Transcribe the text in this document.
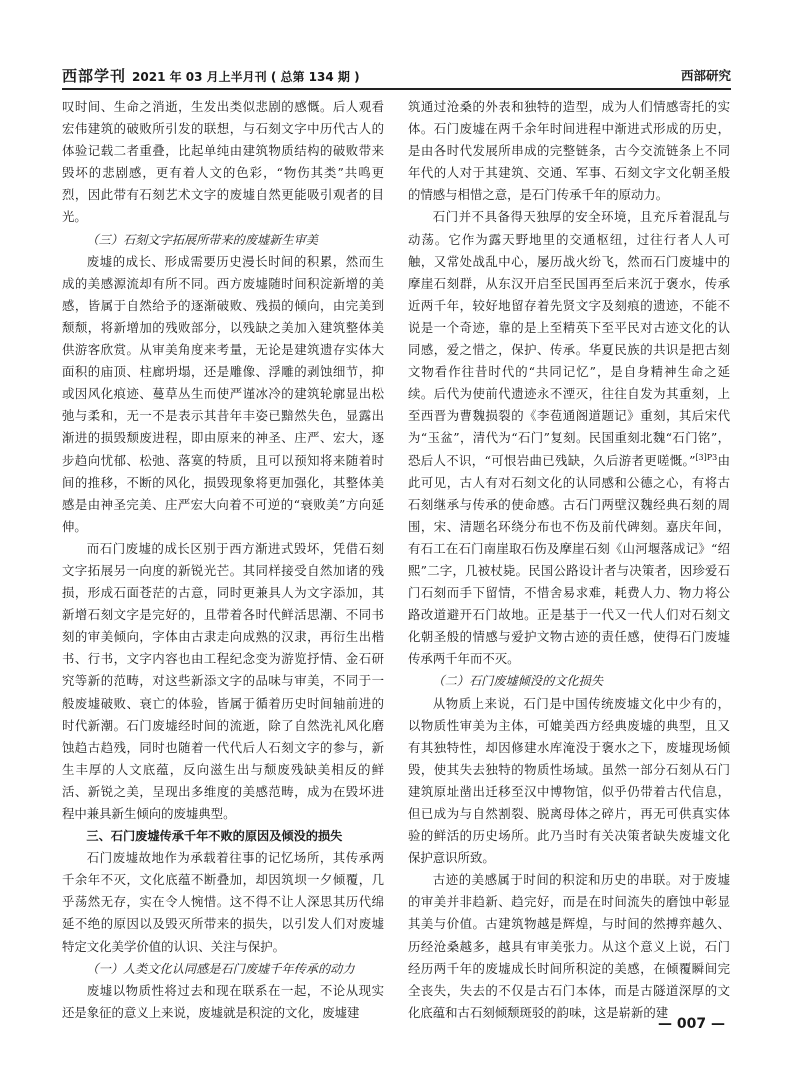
西部学刊 2021 年 03 月上半月刊 ( 总第 134 期 )	西部研究

叹时间、生命之消逝，生发出类似悲剧的感慨。后人观看宏伟建筑的破败所引发的联想，与石刻文字中历代古人的体验记载二者重叠，比起单纯由建筑物质结构的破败带来毁坏的悲剧感，更有着人文的色彩，“物伤其类”共鸣更烈，因此带有石刻艺术文字的废墟自然更能吸引观者的目光。

（三）石刻文字拓展所带来的废墟新生审美

废墟的成长、形成需要历史漫长时间的积累，然而生成的美感源流却有所不同。西方废墟随时间积淀新增的美感，皆属于自然给予的逐渐破败、残损的倾向，由完美到颓颓，将新增加的残败部分，以残缺之美加入建筑整体美供游客欣赏。从审美角度来考量，无论是建筑遗存实体大面积的庙顶、柱廊坍塌，还是雕像、浮雕的剥蚀细节，抑或因风化痕迹、蔓草丛生而使严谨冰冷的建筑轮廓显出松弛与柔和，无一不是表示其昔年丰姿已黯然失色，显露出渐进的损毁颓废进程，即由原来的神圣、庄严、宏大，逐步趋向忧郁、松弛、落寞的特质，且可以预知将来随着时间的推移，不断的风化，损毁现象将更加强化，其整体美感是由神圣完美、庄严宏大向着不可逆的“衰败美”方向延伸。

而石门废墟的成长区别于西方渐进式毁坏，凭借石刻文字拓展另一向度的新锐光芒。其同样接受自然加诸的残损，形成石面苍茫的古意，同时更兼具人为文字添加，其新增石刻文字是完好的，且带着各时代鲜活思潮、不同书刻的审美倾向，字体由古隶走向成熟的汉隶，再衍生出楷书、行书，文字内容也由工程纪念变为游览抒情、金石研究等新的范畴，对这些新添文字的品味与审美，不同于一般废墟破败、衰亡的体验，皆属于循着历史时间轴前进的时代新潮。石门废墟经时间的流逝，除了自然洗礼风化磨蚀趋古趋残，同时也随着一代代后人石刻文字的参与，新生丰厚的人文底蕴，反向滋生出与颓废残缺美相反的鲜活、新锐之美，呈现出多维度的美感范畴，成为在毁坏进程中兼具新生倾向的废墟典型。

三、石门废墟传承千年不败的原因及倾没的损失

石门废墟故地作为承载着往事的记忆场所，其传承两千余年不灭，文化底蕴不断叠加，却因筑坝一夕倾覆，几乎荡然无存，实在令人惋惜。这不得不让人深思其历代绵延不绝的原因以及毁灭所带来的损失，以引发人们对废墟特定文化美学价值的认识、关注与保护。

（一）人类文化认同感是石门废墟千年传承的动力

废墟以物质性将过去和现在联系在一起，不论从现实还是象征的意义上来说，废墟就是积淀的文化，废墟建

筑通过沧桑的外表和独特的造型，成为人们情感寄托的实体。石门废墟在两千余年时间进程中渐进式形成的历史，是由各时代发展所串成的完整链条，古今交流链条上不同年代的人对于其建筑、交通、军事、石刻文字文化朝圣般的情感与相惜之意，是石门传承千年的原动力。

石门并不具备得天独厚的安全环境，且充斥着混乱与动荡。它作为露天野地里的交通枢纽，过往行者人人可触，又常处战乱中心，屡历战火纷飞，然而石门废墟中的摩崖石刻群，从东汉开启至民国再至后来沉于褒水，传承近两千年，较好地留存着先贤文字及刻痕的遗迹，不能不说是一个奇迹，靠的是上至精英下至平民对古迹文化的认同感，爱之惜之，保护、传承。华夏民族的共识是把古刻文物看作往昔时代的“共同记忆”，是自身精神生命之延续。后代为使前代遗迹永不湮灭，往往自发为其重刻，上至西晋为曹魏损裂的《李苞通阁道题记》重刻，其后宋代为“玉盆”，清代为“石门”复刻。民国重刻北魏“石门铭”，恐后人不识，“可恨岩曲已残缺，久后游者更嗟慨。”$^{[3]P3}$由此可见，古人有对石刻文化的认同感和公德之心，有将古石刻继承与传承的使命感。古石门两壁汉魏经典石刻的周围，宋、清题名环绕分布也不伤及前代碑刻。嘉庆年间，有石工在石门南崖取石伤及摩崖石刻《山河堰落成记》“绍熙”二字，几被杖毙。民国公路设计者与决策者，因珍爱石门石刻而手下留情，不惜舍易求难，耗费人力、物力将公路改道避开石门故地。正是基于一代又一代人们对石刻文化朝圣般的情感与爱护文物古迹的责任感，使得石门废墟传承两千年而不灭。

（二）石门废墟倾没的文化损失

从物质上来说，石门是中国传统废墟文化中少有的，以物质性审美为主体，可媲美西方经典废墟的典型，且又有其独特性，却因修建水库淹没于褒水之下，废墟现场倾毁，使其失去独特的物质性场域。虽然一部分石刻从石门建筑原址凿出迁移至汉中博物馆，似乎仍带着古代信息，但已成为与自然割裂、脱离母体之碎片，再无可供真实体验的鲜活的历史场所。此乃当时有关决策者缺失废墟文化保护意识所致。

古迹的美感属于时间的积淀和历史的串联。对于废墟的审美并非趋新、趋完好，而是在时间流失的磨蚀中彰显其美与价值。古建筑物越是辉煌，与时间的然搏弈越久、历经沧桑越多，越具有审美张力。从这个意义上说，石门经历两千年的废墟成长时间所积淀的美感，在倾覆瞬间完全丧失，失去的不仅是古石门本体，而是古隧道深厚的文化底蕴和古石刻倾颓斑驳的韵味，这是崭新的建

— 007 —
